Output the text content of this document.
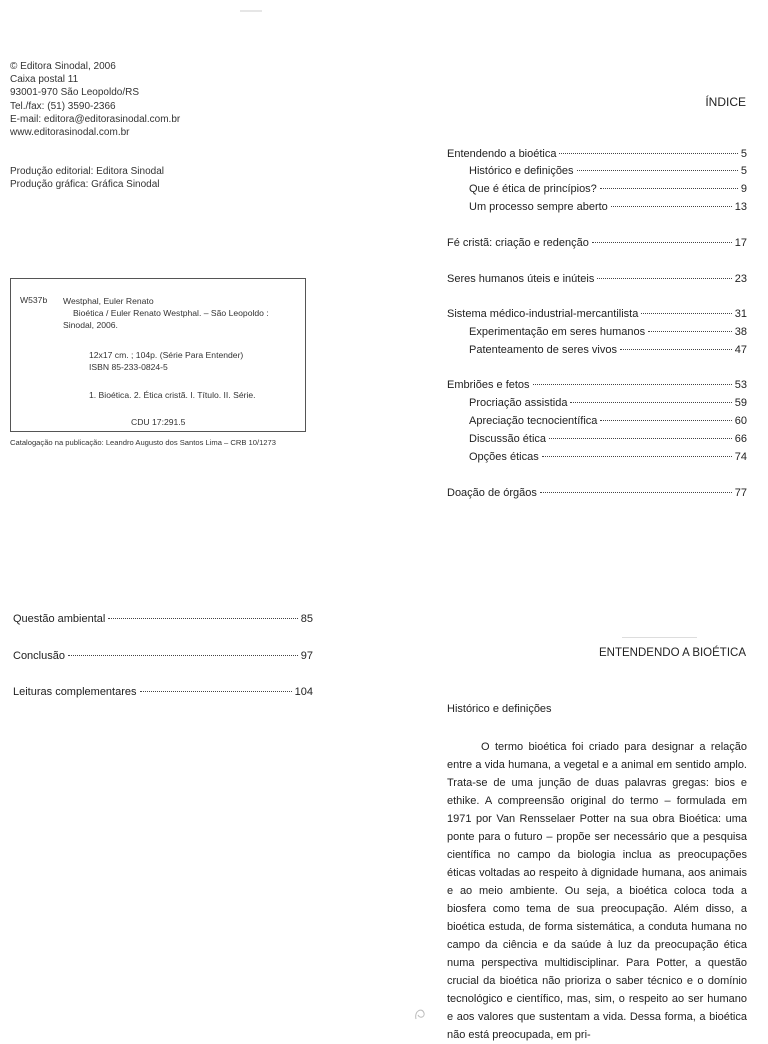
© Editora Sinodal, 2006
Caixa postal 11
93001-970 São Leopoldo/RS
Tel./fax: (51) 3590-2366
E-mail: editora@editorasinodal.com.br
www.editorasinodal.com.br
Produção editorial: Editora Sinodal
Produção gráfica: Gráfica Sinodal
W537b Westphal, Euler Renato
Bioética / Euler Renato Westphal. – São Leopoldo :
Sinodal, 2006.
12x17 cm. ; 104p. (Série Para Entender)
ISBN 85-233-0824-5
1. Bioética. 2. Ética cristã. I. Título. II. Série.
CDU 17:291.5
Catalogação na publicação: Leandro Augusto dos Santos Lima – CRB 10/1273
ÍNDICE
Entendendo a bioética	5
Histórico e definições	5
Que é ética de princípios?	9
Um processo sempre aberto	13
Fé cristã: criação e redenção	17
Seres humanos úteis e inúteis	23
Sistema médico-industrial-mercantilista	31
Experimentação em seres humanos	38
Patenteamento de seres vivos	47
Embriões e fetos	53
Procriação assistida	59
Apreciação tecnocientífica	60
Discussão ética	66
Opções éticas	74
Doação de órgãos	77
Questão ambiental	85
Conclusão	97
Leituras complementares	104
ENTENDENDO A BIOÉTICA
Histórico e definições

O termo bioética foi criado para designar a relação entre a vida humana, a vegetal e a animal em sentido amplo. Trata-se de uma junção de duas palavras gregas: bios e ethike. A compreensão original do termo – formulada em 1971 por Van Rensselaer Potter na sua obra Bioética: uma ponte para o futuro – propõe ser necessário que a pesquisa científica no campo da biologia inclua as preocupações éticas voltadas ao respeito à dignidade humana, aos animais e ao meio ambiente. Ou seja, a bioética coloca toda a biosfera como tema de sua preocupação. Além disso, a bioética estuda, de forma sistemática, a conduta humana no campo da ciência e da saúde à luz da preocupação ética numa perspectiva multidisciplinar. Para Potter, a questão crucial da bioética não prioriza o saber técnico e o domínio tecnológico e científico, mas, sim, o respeito ao ser humano e aos valores que sustentam a vida. Dessa forma, a bioética não está preocupada, em pri-
